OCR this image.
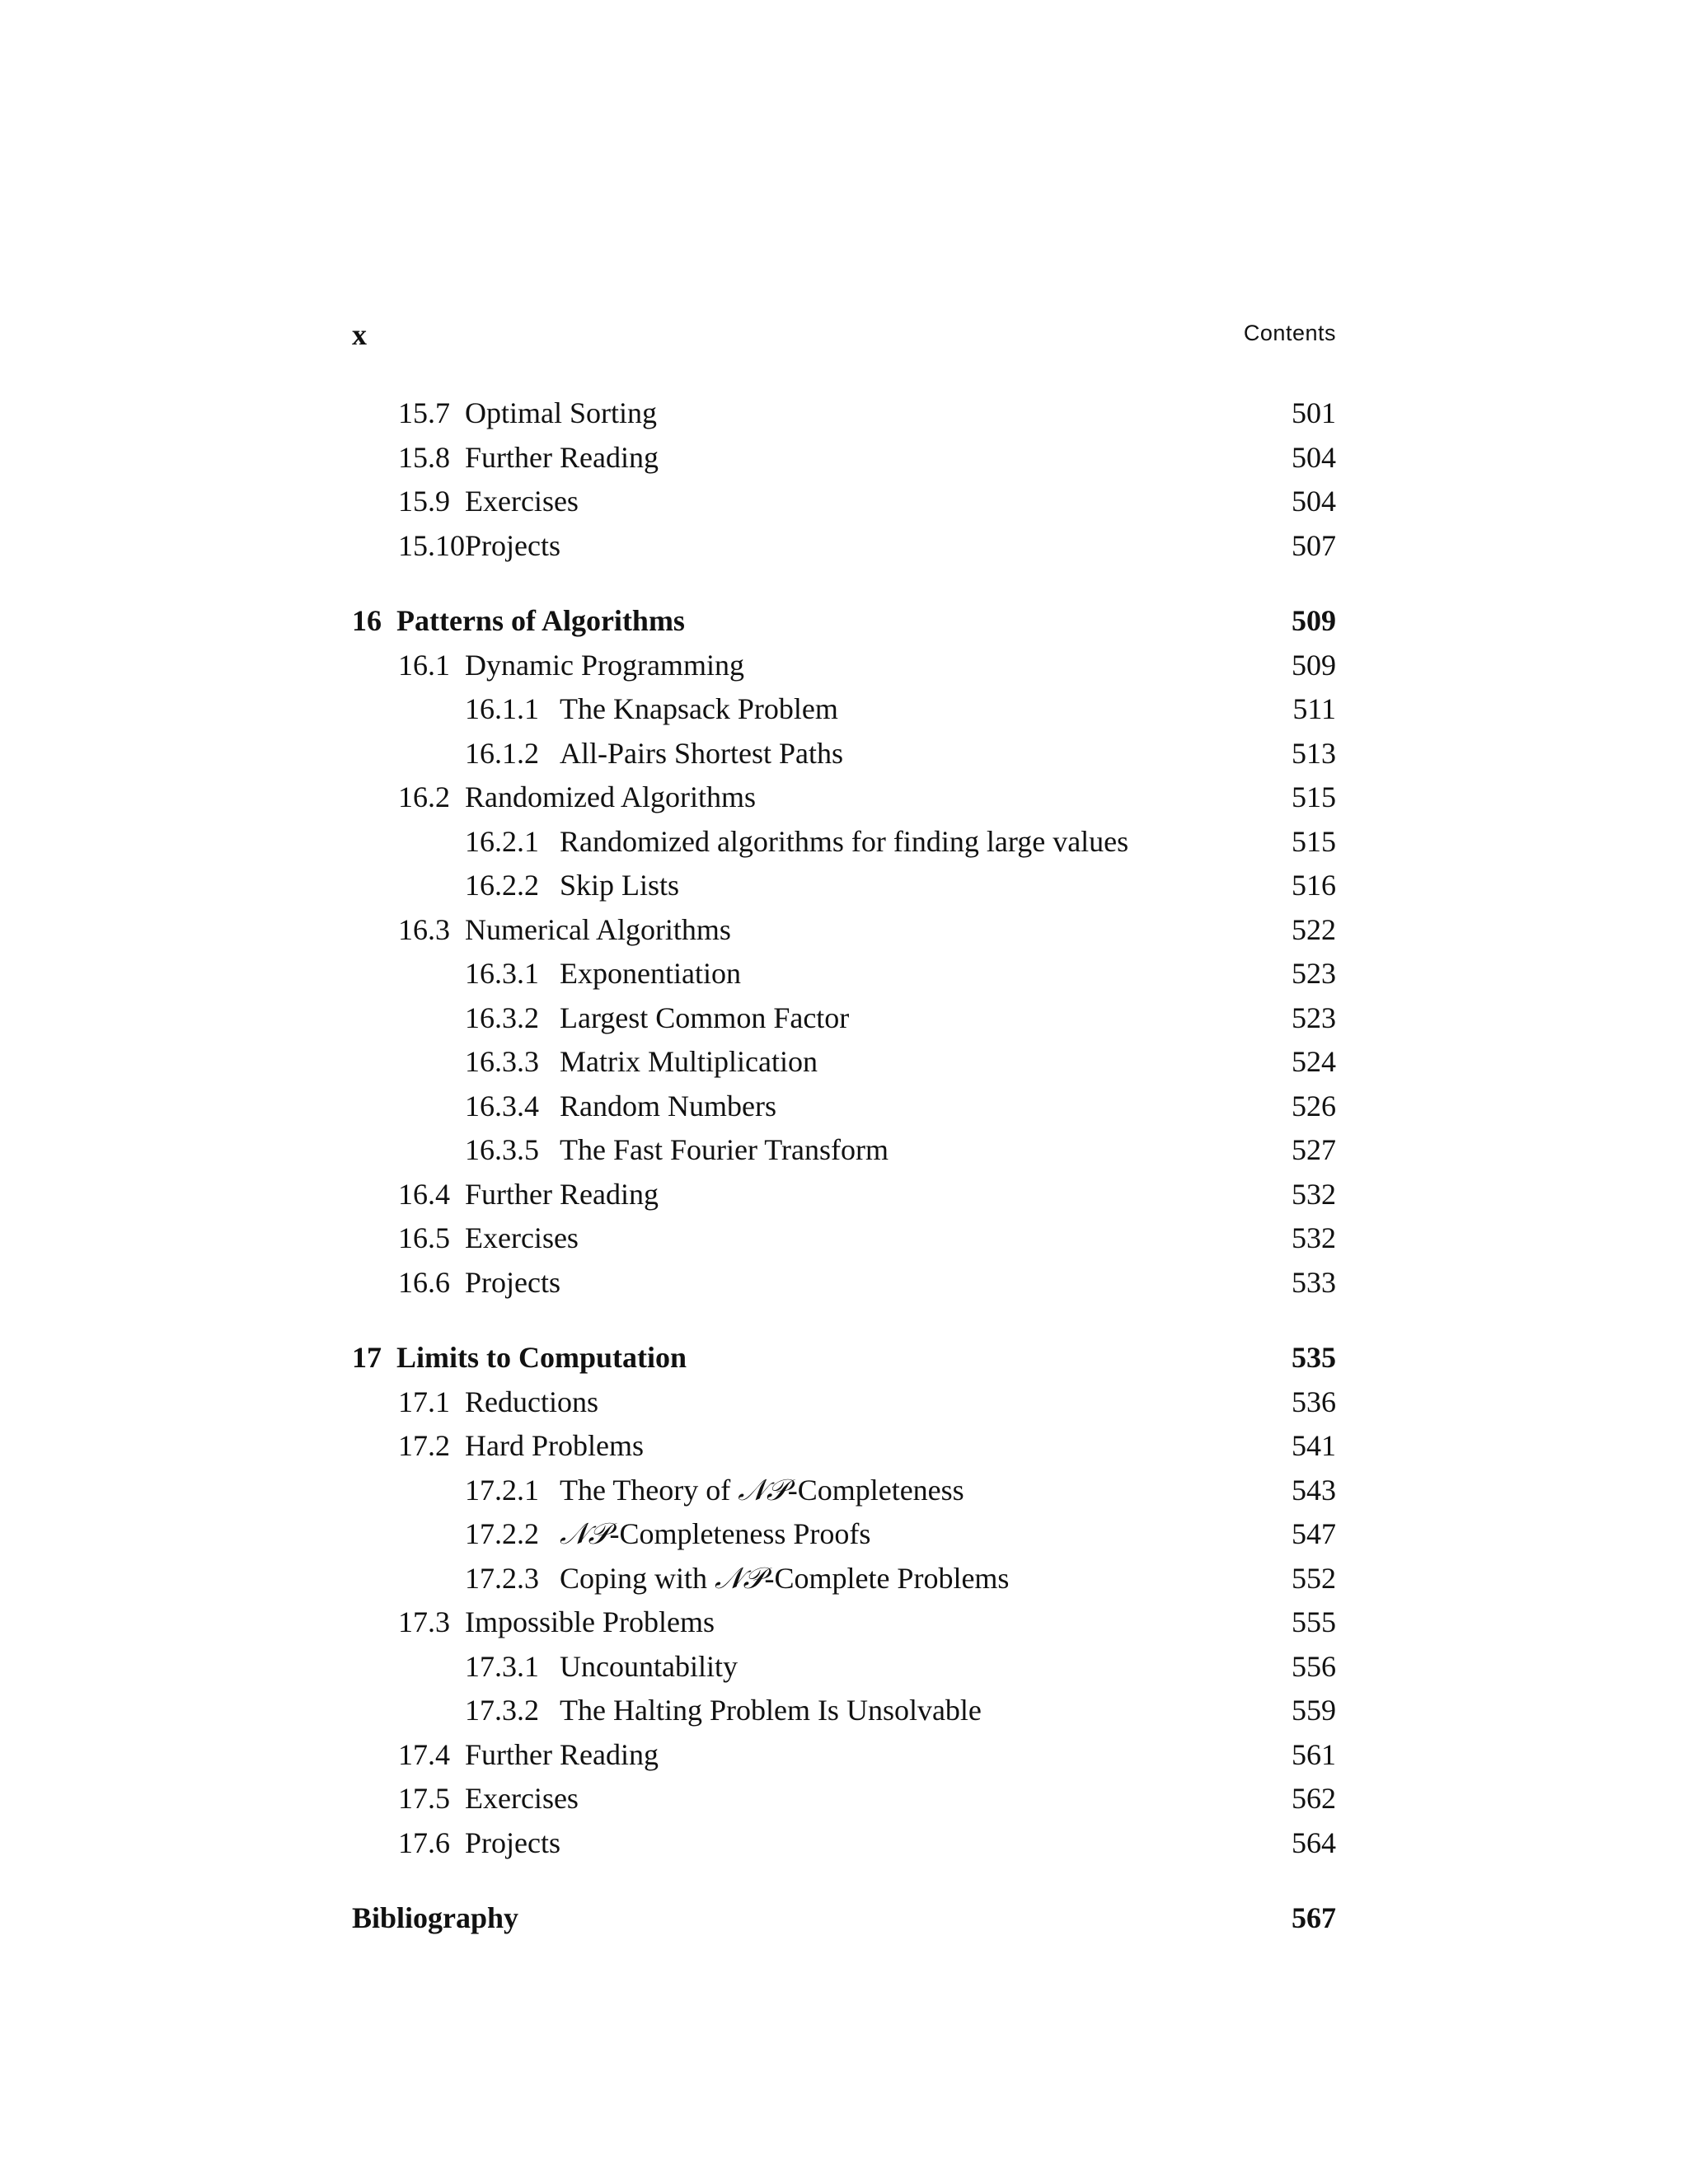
x	Contents
15.7 Optimal Sorting	501
15.8 Further Reading	504
15.9 Exercises	504
15.10 Projects	507
16 Patterns of Algorithms	509
16.1 Dynamic Programming	509
16.1.1 The Knapsack Problem	511
16.1.2 All-Pairs Shortest Paths	513
16.2 Randomized Algorithms	515
16.2.1 Randomized algorithms for finding large values	515
16.2.2 Skip Lists	516
16.3 Numerical Algorithms	522
16.3.1 Exponentiation	523
16.3.2 Largest Common Factor	523
16.3.3 Matrix Multiplication	524
16.3.4 Random Numbers	526
16.3.5 The Fast Fourier Transform	527
16.4 Further Reading	532
16.5 Exercises	532
16.6 Projects	533
17 Limits to Computation	535
17.1 Reductions	536
17.2 Hard Problems	541
17.2.1 The Theory of 𝒩𝒫-Completeness	543
17.2.2 𝒩𝒫-Completeness Proofs	547
17.2.3 Coping with 𝒩𝒫-Complete Problems	552
17.3 Impossible Problems	555
17.3.1 Uncountability	556
17.3.2 The Halting Problem Is Unsolvable	559
17.4 Further Reading	561
17.5 Exercises	562
17.6 Projects	564
Bibliography	567
